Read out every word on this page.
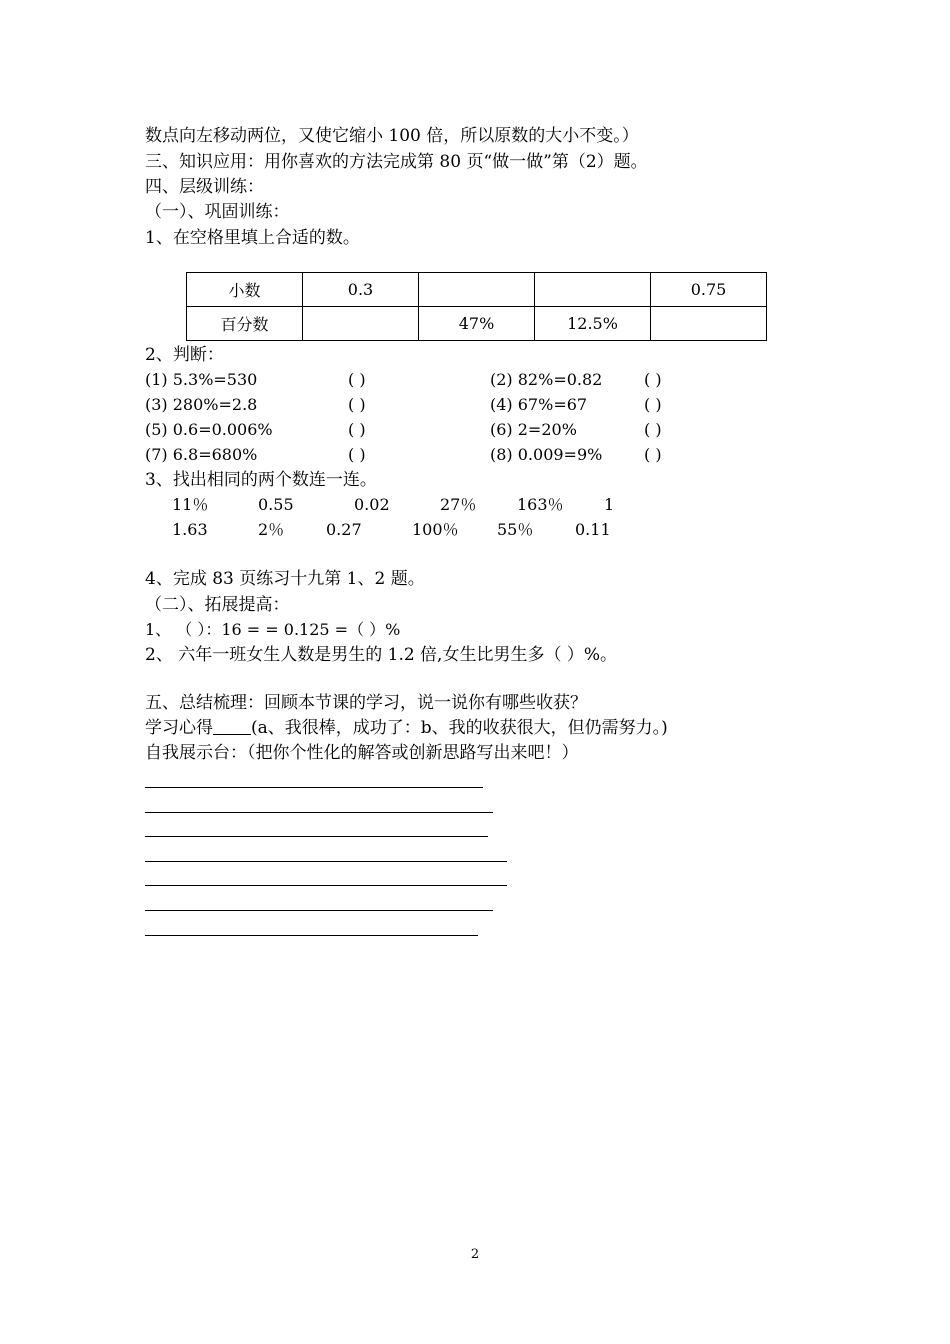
数点向左移动两位，又使它缩小 100 倍，所以原数的大小不变。）
三、知识应用：用你喜欢的方法完成第 80 页“做一做”第（2）题。
四、层级训练：
（一）、巩固训练：
1、在空格里填上合适的数。
小数	0.3			0.75
百分数		47%	12.5%	
2、判断：
(1) 5.3%=530	( )	(2) 82%=0.82	( )
(3) 280%=2.8	( )	(4) 67%=67	( )
(5) 0.6=0.006%	( )	(6) 2=20%	( )
(7) 6.8=680%	( )	(8) 0.009=9%	( )
3、找出相同的两个数连一连。
11％	0.55	0.02	27％	163％	1
1.63	2％	0.27	100％ 55％	0.11
4、完成 83 页练习十九第 1、2 题。
（二）、拓展提高：
1、 （ ）：16 = = 0.125 =（ ）%
2、 六年一班女生人数是男生的 1.2 倍,女生比男生多（ ）%。
五、总结梳理：回顾本节课的学习，说一说你有哪些收获？
学习心得 (a、我很棒，成功了：b、我的收获很大，但仍需努力。)
自我展示台：（把你个性化的解答或创新思路写出来吧！）
2
